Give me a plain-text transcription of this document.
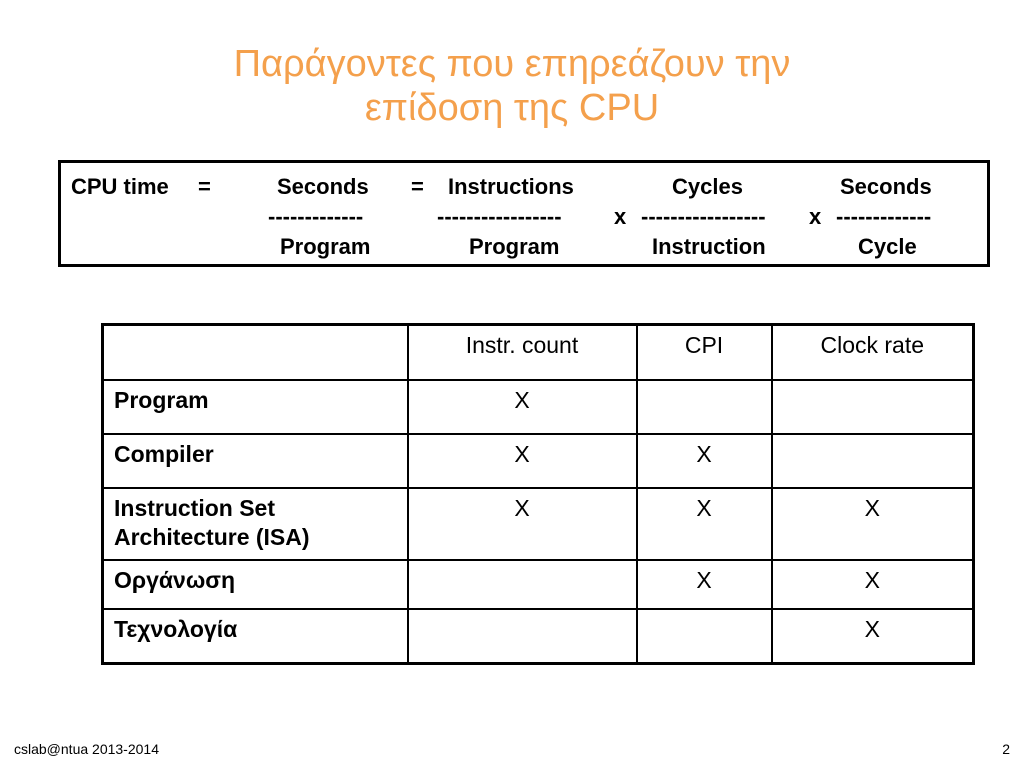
Παράγοντες που επηρεάζουν την
επίδοση της CPU
CPU time =	Seconds = Instructions	Cycles	Seconds
-------------	----------------- x ----------------- x -------------
Program	Program	Instruction	Cycle
	Instr. count	CPI	Clock rate
Program	X		
Compiler	X	X	

Instruction Set
Architecture (ISA)	X	X	X
Οργάνωση		X	X
Τεχνολογία			X
cslab@ntua 2013-2014	2
